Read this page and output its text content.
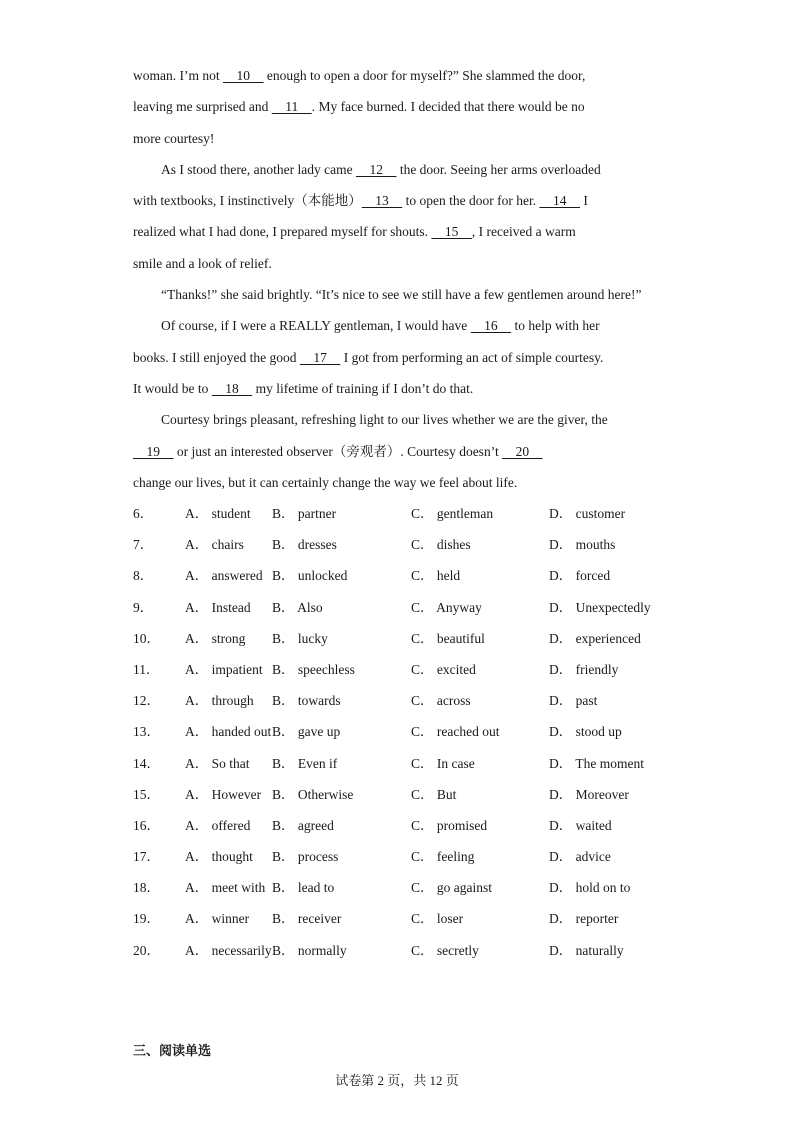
woman. I’m not     10     enough to open a door for myself?” She slammed the door,
leaving me surprised and     11    . My face burned. I decided that there would be no
more courtesy!
As I stood there, another lady came     12     the door. Seeing her arms overloaded
with textbooks, I instinctively（本能地）    13     to open the door for her.     14     I
realized what I had done, I prepared myself for shouts.     15    , I received a warm
smile and a look of relief.
“Thanks!” she said brightly. “It’s nice to see we still have a few gentlemen around here!”
Of course, if I were a REALLY gentleman, I would have     16     to help with her
books. I still enjoyed the good     17     I got from performing an act of simple courtesy.
It would be to     18     my lifetime of training if I don’t do that.
Courtesy brings pleasant, refreshing light to our lives whether we are the giver, the
19     or just an interested observer（旁观者）. Courtesy doesn’t     20
change our lives, but it can certainly change the way we feel about life.
6． A． student B． partner	C． gentleman	D． customer
7． A． chairs B． dresses	C． dishes	D． mouths
8． A． answered B． unlocked	C． held	D． forced
9． A． Instead B． Also	C． Anyway	D． Unexpectedly
10． A． strong B． lucky	C． beautiful	D． experienced
11． A． impatient B． speechless	C． excited	D． friendly
12． A． through B． towards	C． across	D． past
13． A． handed out B． gave up	C． reached out	D． stood up
14． A． So that B． Even if	C． In case	D． The moment
15． A． However B． Otherwise	C． But	D． Moreover
16． A． offered B． agreed	C． promised	D． waited
17． A． thought B． process	C． feeling	D． advice
18． A． meet with B． lead to	C． go against	D． hold on to
19． A． winner B． receiver	C． loser	D． reporter
20． A． necessarily B． normally	C． secretly	D． naturally
三、阅读单选
试卷第 2 页，共 12 页
